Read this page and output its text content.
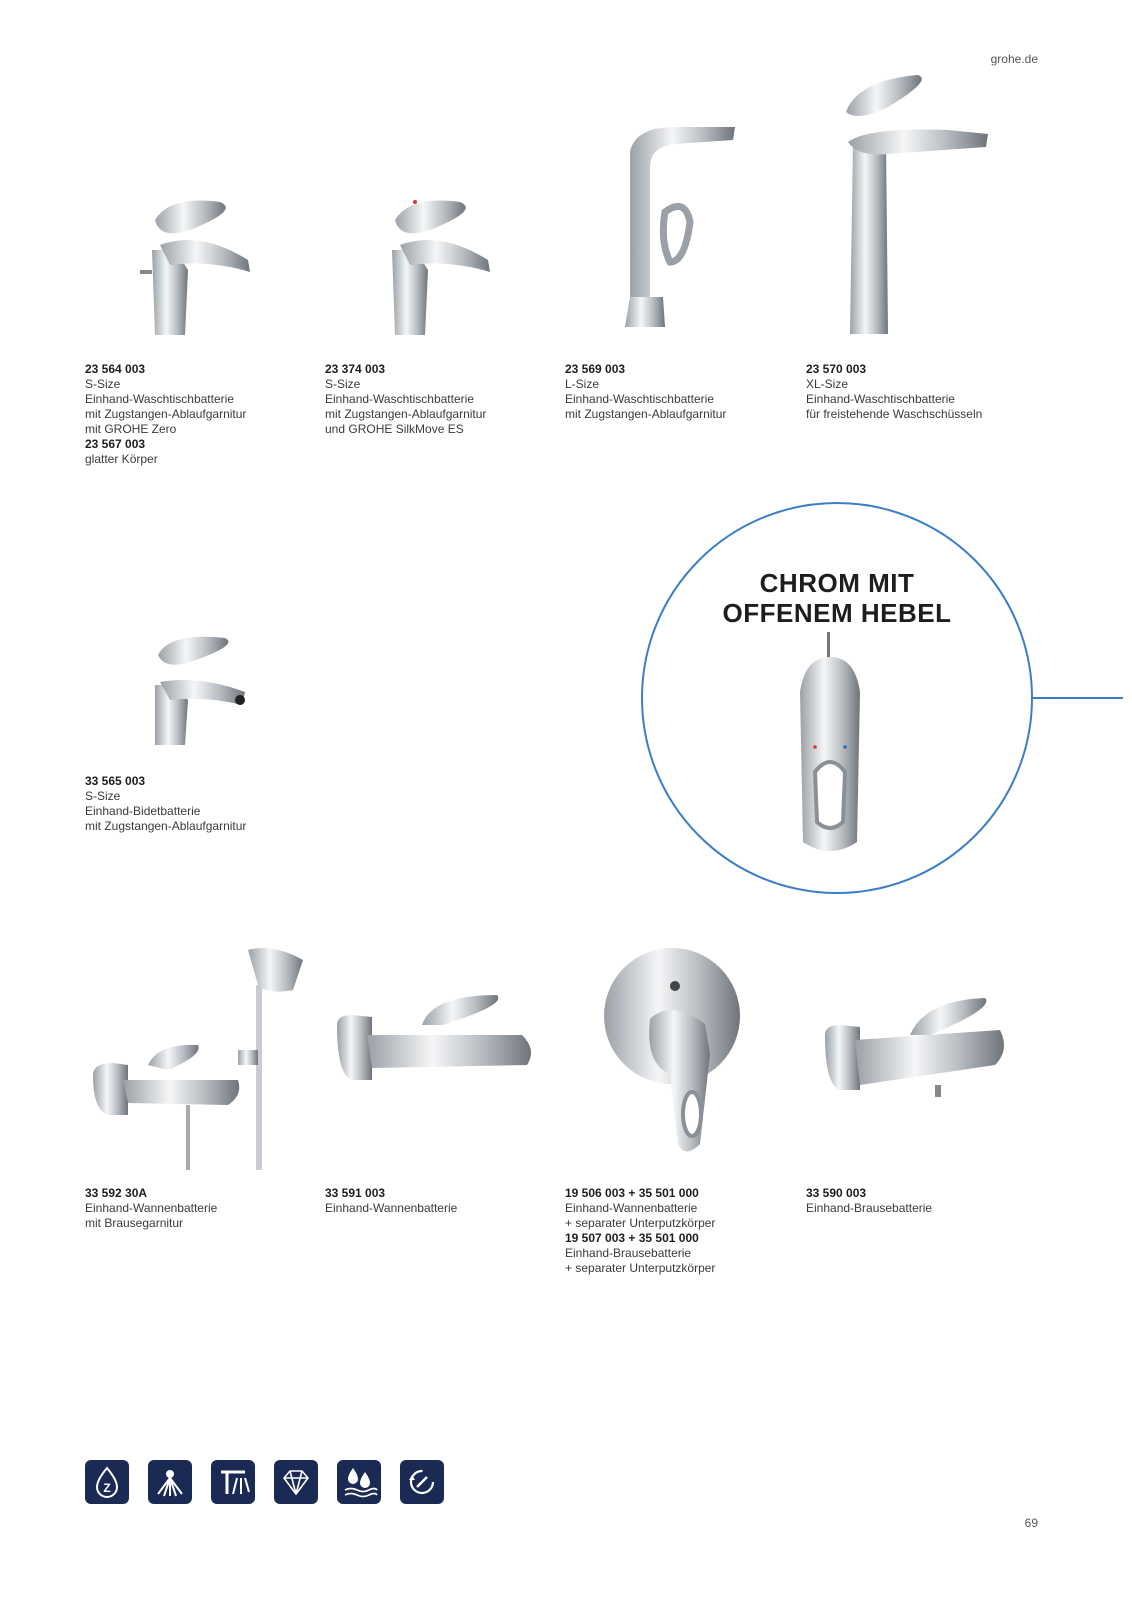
grohe.de
CHROM MIT
OFFENEM HEBEL
23 564 003
S-Size
Einhand-Waschtischbatterie
mit Zugstangen-Ablaufgarnitur
mit GROHE Zero
23 567 003
glatter Körper
23 374 003
S-Size
Einhand-Waschtischbatterie
mit Zugstangen-Ablaufgarnitur
und GROHE SilkMove ES
23 569 003
L-Size
Einhand-Waschtischbatterie
mit Zugstangen-Ablaufgarnitur
23 570 003
XL-Size
Einhand-Waschtischbatterie
für freistehende Waschschüsseln
33 565 003
S-Size
Einhand-Bidetbatterie
mit Zugstangen-Ablaufgarnitur
33 592 30A
Einhand-Wannenbatterie
mit Brausegarnitur
33 591 003
Einhand-Wannenbatterie
19 506 003 + 35 501 000
Einhand-Wannenbatterie
+ separater Unterputzkörper
19 507 003 + 35 501 000
Einhand-Brausebatterie
+ separater Unterputzkörper
33 590 003
Einhand-Brausebatterie
Z
69
